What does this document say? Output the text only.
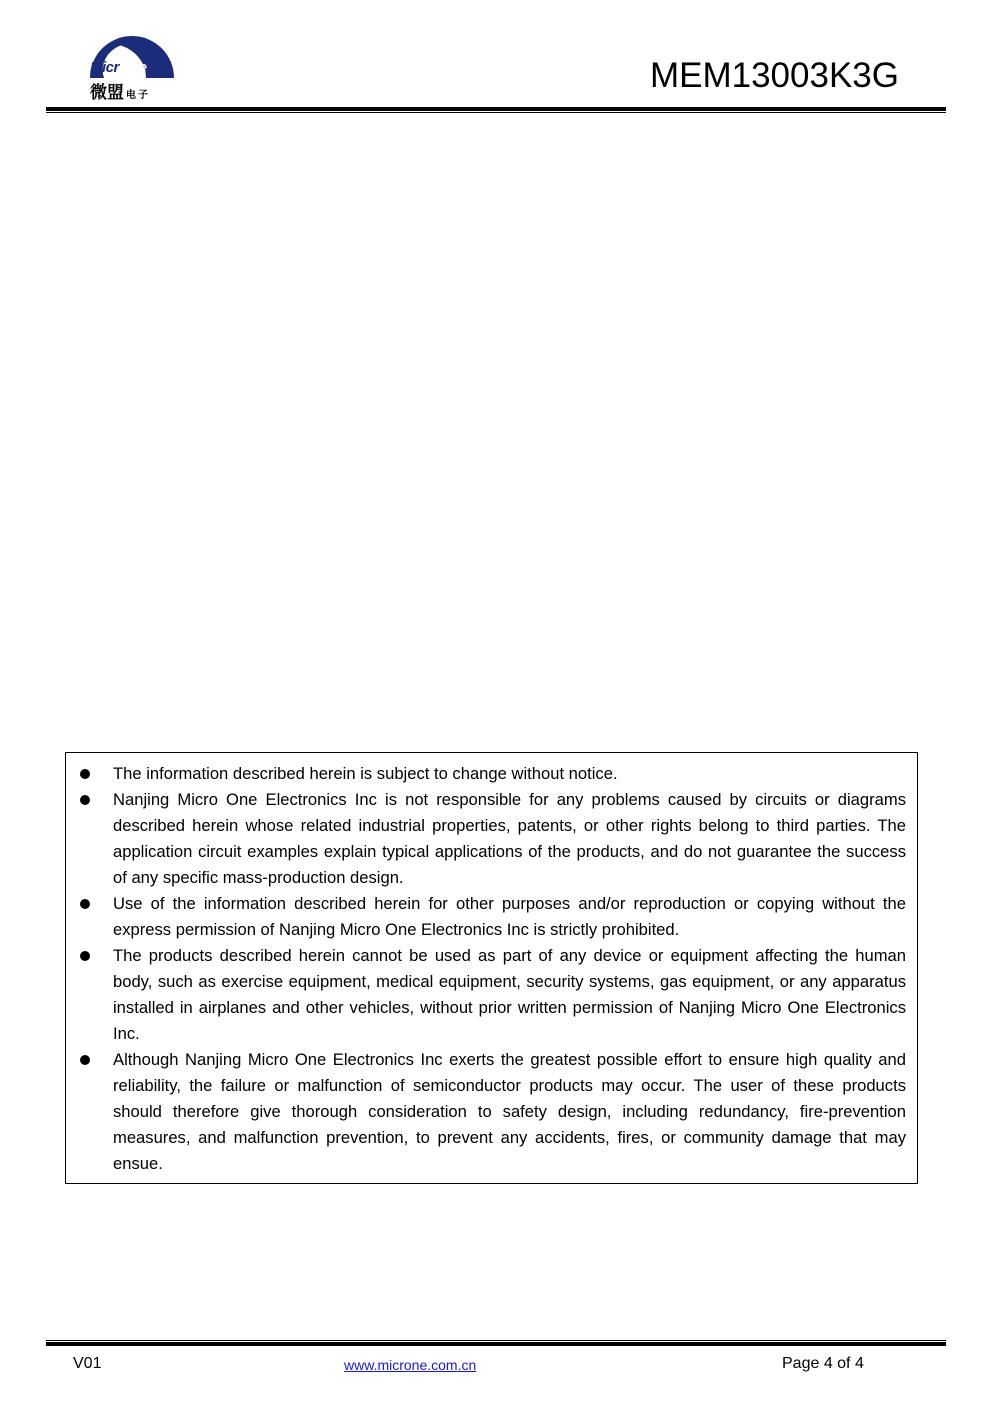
MicrOne
微盟 电子
MEM13003K3G
The information described herein is subject to change without notice.
Nanjing Micro One Electronics Inc is not responsible for any problems caused by circuits or diagrams described herein whose related industrial properties, patents, or other rights belong to third parties. The application circuit examples explain typical applications of the products, and do not guarantee the success of any specific mass-production design.
Use of the information described herein for other purposes and/or reproduction or copying without the express permission of Nanjing Micro One Electronics Inc is strictly prohibited.
The products described herein cannot be used as part of any device or equipment affecting the human body, such as exercise equipment, medical equipment, security systems, gas equipment, or any apparatus installed in airplanes and other vehicles, without prior written permission of Nanjing Micro One Electronics Inc.
Although Nanjing Micro One Electronics Inc exerts the greatest possible effort to ensure high quality and reliability, the failure or malfunction of semiconductor products may occur. The user of these products should therefore give thorough consideration to safety design, including redundancy, fire-prevention measures, and malfunction prevention, to prevent any accidents, fires, or community damage that may ensue.
V01	www.microne.com.cn	Page 4 of 4
